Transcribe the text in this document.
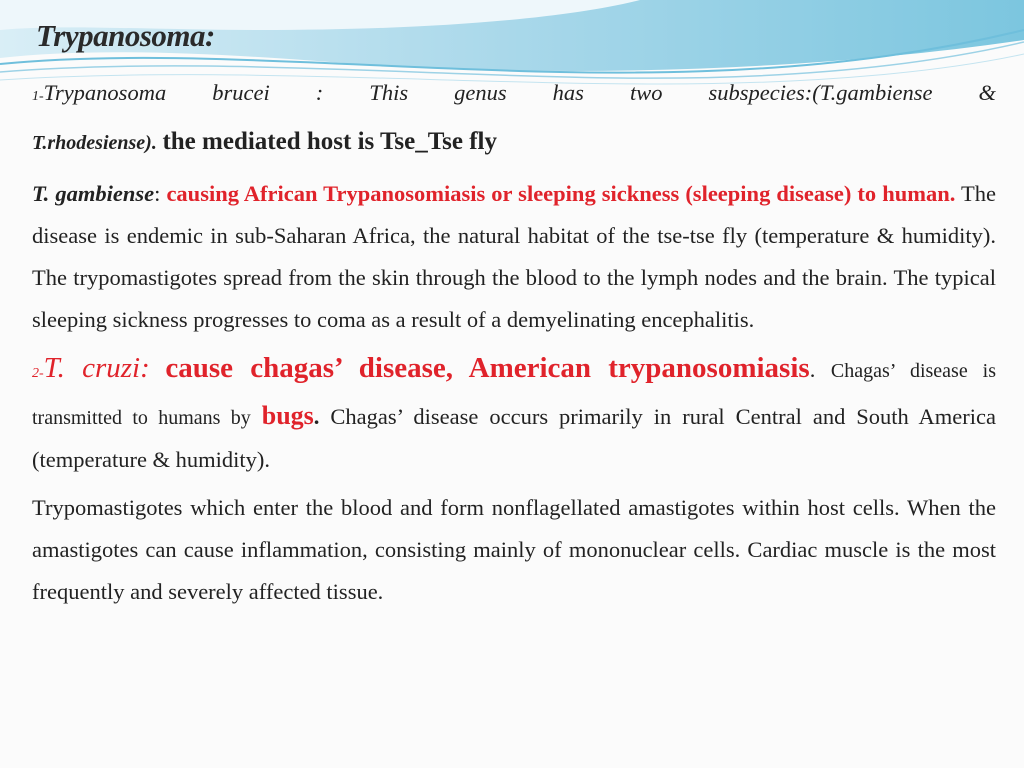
Trypanosoma:

1-Trypanosoma brucei : This genus has two subspecies:(T.gambiense &

T.rhodesiense). the mediated host is Tse_Tse fly

T. gambiense: causing African Trypanosomiasis or sleeping sickness (sleeping disease) to human. The disease is endemic in sub-Saharan Africa, the natural habitat of the tse-tse fly (temperature & humidity). The trypomastigotes spread from the skin through the blood to the lymph nodes and the brain. The typical sleeping sickness progresses to coma as a result of a demyelinating encephalitis.

2-T. cruzi: cause chagas’ disease, American trypanosomiasis. Chagas’ disease is transmitted to humans by bugs. Chagas’ disease occurs primarily in rural Central and South America (temperature & humidity).

Trypomastigotes which enter the blood and form nonflagellated amastigotes within host cells. When the amastigotes can cause inflammation, consisting mainly of mononuclear cells. Cardiac muscle is the most frequently and severely affected tissue.
